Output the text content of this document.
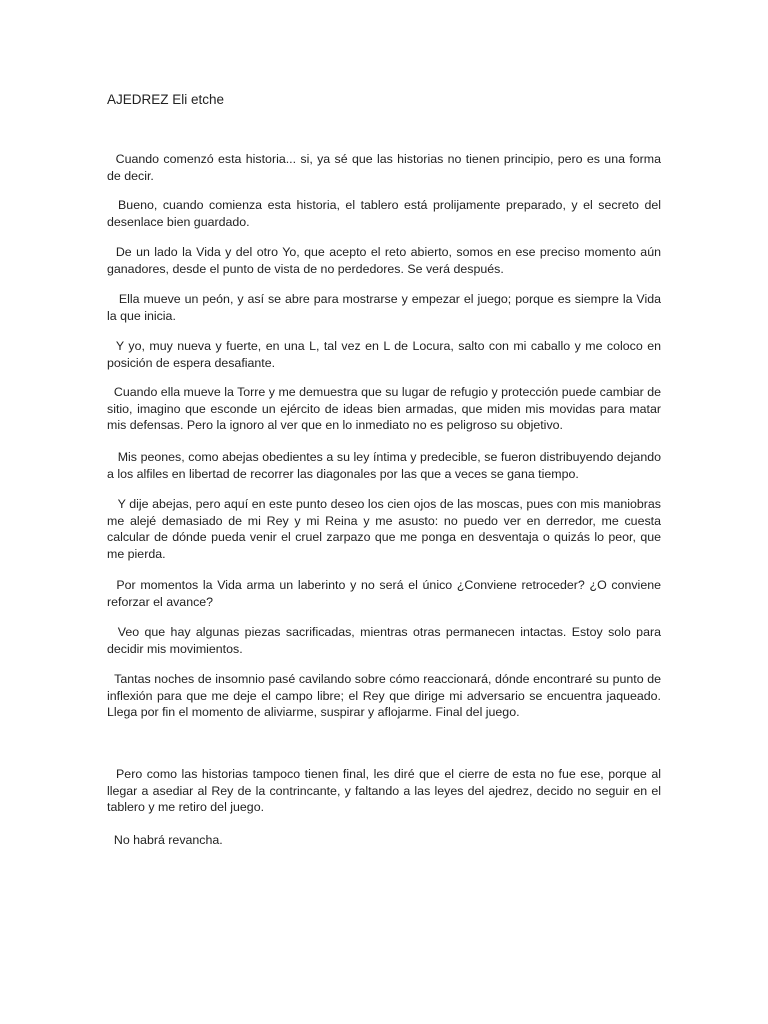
AJEDREZ Eli etche

Cuando comenzó esta historia... si, ya sé que las historias no tienen principio, pero es una forma de decir.

Bueno, cuando comienza esta historia, el tablero está prolijamente preparado, y el secreto del desenlace bien guardado.

De un lado la Vida y del otro Yo, que acepto el reto abierto, somos en ese preciso momento aún ganadores, desde el punto de vista de no perdedores. Se verá después.

Ella mueve un peón, y así se abre para mostrarse y empezar el juego; porque es siempre la Vida la que inicia.

Y yo, muy nueva y fuerte, en una L, tal vez en L de Locura, salto con mi caballo y me coloco en posición de espera desafiante.

Cuando ella mueve la Torre y me demuestra que su lugar de refugio y protección puede cambiar de sitio, imagino que esconde un ejército de ideas bien armadas, que miden mis movidas para matar mis defensas. Pero la ignoro al ver que en lo inmediato no es peligroso su objetivo.

Mis peones, como abejas obedientes a su ley íntima y predecible, se fueron distribuyendo dejando a los alfiles en libertad de recorrer las diagonales por las que a veces se gana tiempo.

Y dije abejas, pero aquí en este punto deseo los cien ojos de las moscas, pues con mis maniobras me alejé demasiado de mi Rey y mi Reina y me asusto: no puedo ver en derredor, me cuesta calcular de dónde pueda venir el cruel zarpazo que me ponga en desventaja o quizás lo peor, que me pierda.

Por momentos la Vida arma un laberinto y no será el único ¿Conviene retroceder? ¿O conviene reforzar el avance?

Veo que hay algunas piezas sacrificadas, mientras otras permanecen intactas. Estoy solo para decidir mis movimientos.

Tantas noches de insomnio pasé cavilando sobre cómo reaccionará, dónde encontraré su punto de inflexión para que me deje el campo libre; el Rey que dirige mi adversario se encuentra jaqueado. Llega por fin el momento de aliviarme, suspirar y aflojarme. Final del juego.

Pero como las historias tampoco tienen final, les diré que el cierre de esta no fue ese, porque al llegar a asediar al Rey de la contrincante, y faltando a las leyes del ajedrez, decido no seguir en el tablero y me retiro del juego.

No habrá revancha.
